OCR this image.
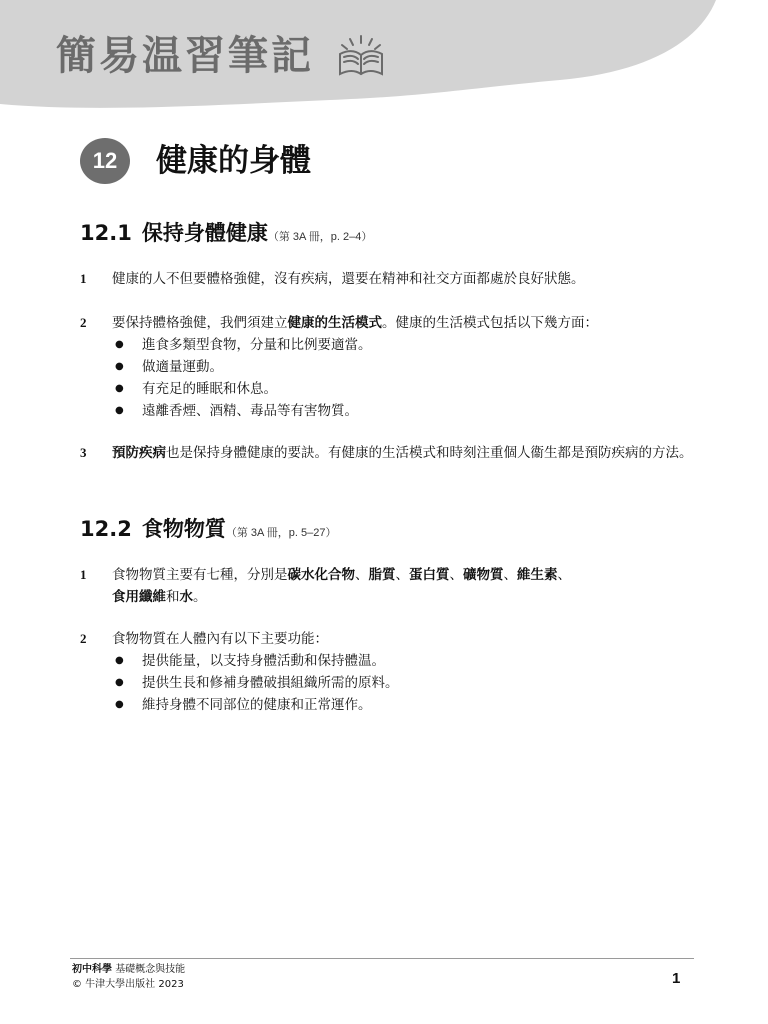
簡易温習筆記
12	健康的身體
12.1 保持身體健康（第 3A 冊，p. 2–4）
1	健康的人不但要體格強健，沒有疾病，還要在精神和社交方面都處於良好狀態。
2	要保持體格強健，我們須建立健康的生活模式。健康的生活模式包括以下幾方面：
● 進食多類型食物，分量和比例要適當。
● 做適量運動。
● 有充足的睡眠和休息。
● 遠離香煙、酒精、毒品等有害物質。
3	預防疾病也是保持身體健康的要訣。有健康的生活模式和時刻注重個人衞生都是預防疾病的方法。
12.2 食物物質（第 3A 冊，p. 5–27）
1	食物物質主要有七種，分別是碳水化合物、脂質、蛋白質、礦物質、維生素、
食用纖維和水。
2	食物物質在人體內有以下主要功能：
● 提供能量，以支持身體活動和保持體温。
● 提供生長和修補身體破損組織所需的原料。
● 維持身體不同部位的健康和正常運作。
初中科學 基礎概念與技能
© 牛津大學出版社 2023	1
